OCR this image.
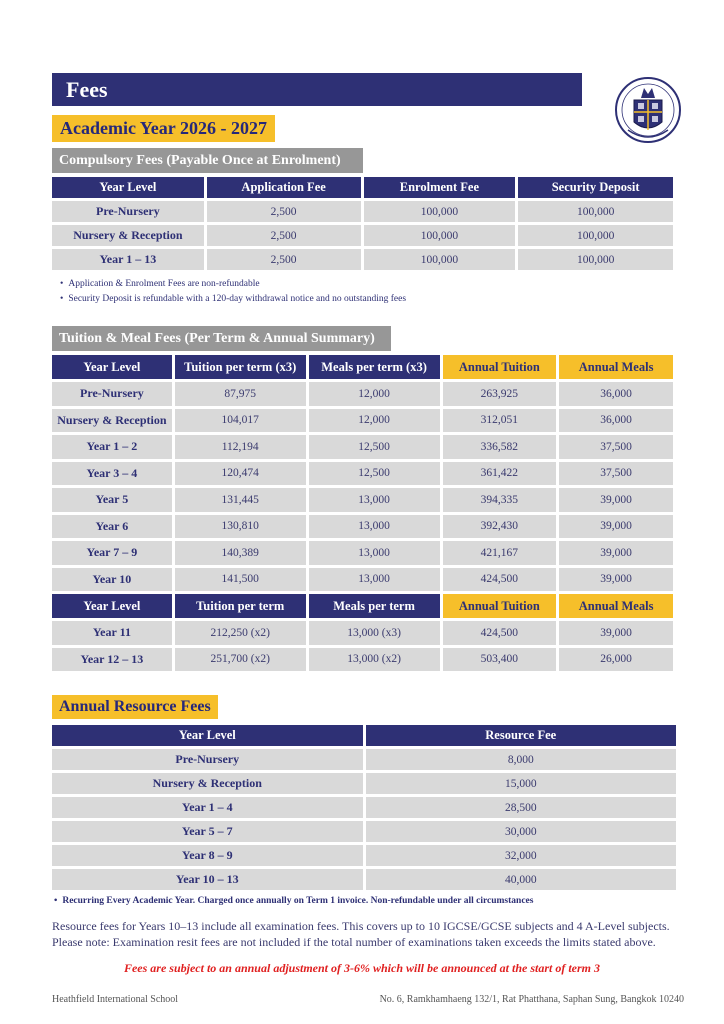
Fees
Academic Year 2026 - 2027
Compulsory Fees (Payable Once at Enrolment)
Year Level	Application Fee	Enrolment Fee	Security Deposit
Pre-Nursery	2,500	100,000	100,000
Nursery & Reception	2,500	100,000	100,000
Year 1 – 13	2,500	100,000	100,000
• Application & Enrolment Fees are non-refundable
• Security Deposit is refundable with a 120-day withdrawal notice and no outstanding fees
Tuition & Meal Fees (Per Term & Annual Summary)
Year Level	Tuition per term (x3)	Meals per term (x3)	Annual Tuition	Annual Meals
Pre-Nursery	87,975	12,000	263,925	36,000
Nursery & Reception	104,017	12,000	312,051	36,000
Year 1 – 2	112,194	12,500	336,582	37,500
Year 3 – 4	120,474	12,500	361,422	37,500
Year 5	131,445	13,000	394,335	39,000
Year 6	130,810	13,000	392,430	39,000
Year 7 – 9	140,389	13,000	421,167	39,000
Year 10	141,500	13,000	424,500	39,000
Year Level	Tuition per term	Meals per term	Annual Tuition	Annual Meals
Year 11	212,250 (x2)	13,000 (x3)	424,500	39,000
Year 12 – 13	251,700 (x2)	13,000 (x2)	503,400	26,000
Annual Resource Fees
Year Level	Resource Fee
Pre-Nursery	8,000
Nursery & Reception	15,000
Year 1 – 4	28,500
Year 5 – 7	30,000
Year 8 – 9	32,000
Year 10 – 13	40,000
• Recurring Every Academic Year. Charged once annually on Term 1 invoice. Non-refundable under all circumstances
Resource fees for Years 10–13 include all examination fees. This covers up to 10 IGCSE/GCSE subjects and 4 A-Level subjects.
Please note: Examination resit fees are not included if the total number of examinations taken exceeds the limits stated above.
Fees are subject to an annual adjustment of 3-6% which will be announced at the start of term 3
Heathfield International School	No. 6, Ramkhamhaeng 132/1, Rat Phatthana, Saphan Sung, Bangkok 10240
